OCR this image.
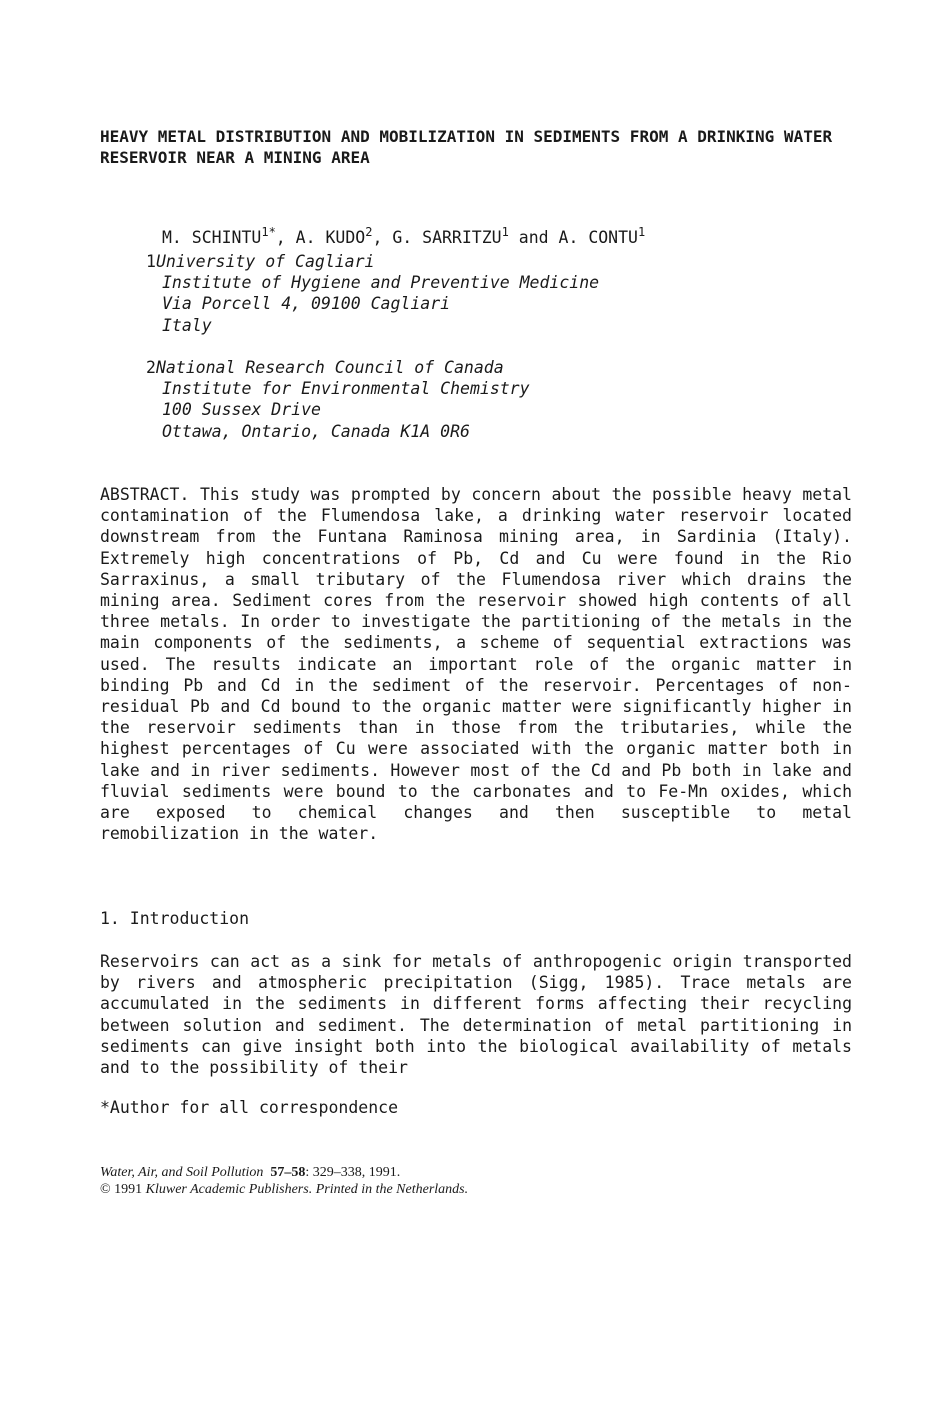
HEAVY METAL DISTRIBUTION AND MOBILIZATION IN SEDIMENTS FROM A DRINKING WATER RESERVOIR NEAR A MINING AREA
M. $SCHINTU^{1*}$, A. KUDO$^2$, G. SARRITZU$^1$ and A. CONTU$^1$
1University of Cagliari
Institute of Hygiene and Preventive Medicine
Via Porcell 4, 09100 Cagliari
Italy
2National Research Council of Canada
Institute for Environmental Chemistry
100 Sussex Drive
Ottawa, Ontario, Canada K1A 0R6

ABSTRACT. This study was prompted by concern about the possible heavy metal contamination of the Flumendosa lake, a drinking water reservoir located downstream from the Funtana Raminosa mining area, in Sardinia (Italy). Extremely high concentrations of Pb, Cd and Cu were found in the Rio Sarraxinus, a small tributary of the Flumendosa river which drains the mining area. Sediment cores from the reservoir showed high contents of all three metals. In order to investigate the partitioning of the metals in the main components of the sediments, a scheme of sequential extractions was used. The results indicate an important role of the organic matter in binding Pb and Cd in the sediment of the reservoir. Percentages of non-residual Pb and Cd bound to the organic matter were significantly higher in the reservoir sediments than in those from the tributaries, while the highest percentages of Cu were associated with the organic matter both in lake and in river sediments. However most of the Cd and Pb both in lake and fluvial sediments were bound to the carbonates and to Fe-Mn oxides, which are exposed to chemical changes and then susceptible to metal remobilization in the water.

1. Introduction

Reservoirs can act as a sink for metals of anthropogenic origin transported by rivers and atmospheric precipitation (Sigg, 1985). Trace metals are accumulated in the sediments in different forms affecting their recycling between solution and sediment. The determination of metal partitioning in sediments can give insight both into the biological availability of metals and to the possibility of their

*Author for all correspondence
Water, Air, and Soil Pollution 57–58: 329–338, 1991.
© 1991 Kluwer Academic Publishers. Printed in the Netherlands.
